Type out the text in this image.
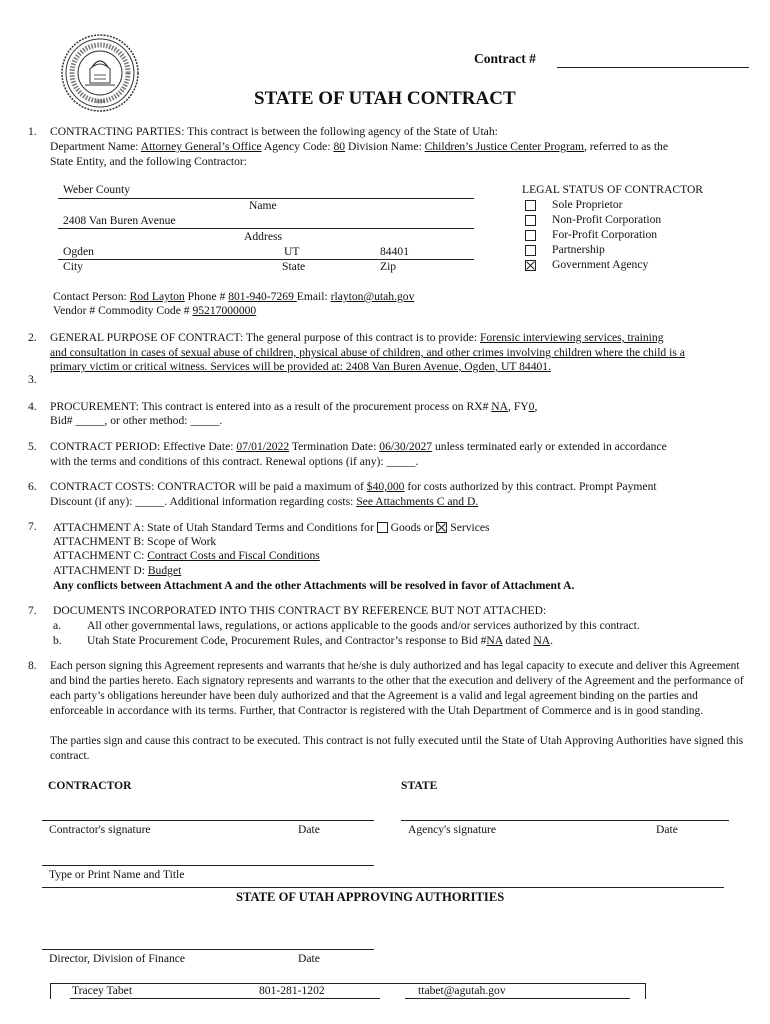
1896
Contract #
STATE OF UTAH CONTRACT
1. CONTRACTING PARTIES: This contract is between the following agency of the State of Utah:
Department Name: Attorney General’s Office Agency Code: 80 Division Name: Children’s Justice Center Program, referred to as the
State Entity, and the following Contractor:
Weber County
Name
2408 Van Buren Avenue
Address
Ogden	UT	84401
City	State	Zip
LEGAL STATUS OF CONTRACTOR
Sole Proprietor
Non-Profit Corporation
For-Profit Corporation
Partnership
Government Agency
Contact Person: Rod Layton Phone # 801-940-7269 Email: rlayton@utah.gov
Vendor # Commodity Code # 95217000000
2. GENERAL PURPOSE OF CONTRACT: The general purpose of this contract is to provide: Forensic interviewing services, training
and consultation in cases of sexual abuse of children, physical abuse of children, and other crimes involving children where the child is a
primary victim or critical witness. Services will be provided at: 2408 Van Buren Avenue, Ogden, UT 84401.
3.
4. PROCUREMENT: This contract is entered into as a result of the procurement process on RX# NA, FY0,
Bid# _____, or other method: _____.
5. CONTRACT PERIOD: Effective Date: 07/01/2022 Termination Date: 06/30/2027 unless terminated early or extended in accordance
with the terms and conditions of this contract. Renewal options (if any): _____.
6. CONTRACT COSTS: CONTRACTOR will be paid a maximum of $40,000 for costs authorized by this contract. Prompt Payment
Discount (if any): _____. Additional information regarding costs: See Attachments C and D.
7. ATTACHMENT A: State of Utah Standard Terms and Conditions for  Goods or  Services
ATTACHMENT B: Scope of Work
ATTACHMENT C: Contract Costs and Fiscal Conditions
ATTACHMENT D: Budget
Any conflicts between Attachment A and the other Attachments will be resolved in favor of Attachment A.
7. DOCUMENTS INCORPORATED INTO THIS CONTRACT BY REFERENCE BUT NOT ATTACHED:
a. All other governmental laws, regulations, or actions applicable to the goods and/or services authorized by this contract.
b. Utah State Procurement Code, Procurement Rules, and Contractor’s response to Bid #NA dated NA.
8. Each person signing this Agreement represents and warrants that he/she is duly authorized and has legal capacity to execute and deliver this Agreement and bind the parties hereto. Each signatory represents and warrants to the other that the execution and delivery of the Agreement and the performance of each party’s obligations hereunder have been duly authorized and that the Agreement is a valid and legal agreement binding on the parties and enforceable in accordance with its terms. Further, that Contractor is registered with the Utah Department of Commerce and is in good standing.
The parties sign and cause this contract to be executed. This contract is not fully executed until the State of Utah Approving Authorities have signed this contract.
CONTRACTOR	STATE
Contractor's signature	Date	Agency's signature	Date
Type or Print Name and Title
STATE OF UTAH APPROVING AUTHORITIES
Director, Division of Finance	Date
Tracey Tabet	801-281-1202	ttabet@agutah.gov
